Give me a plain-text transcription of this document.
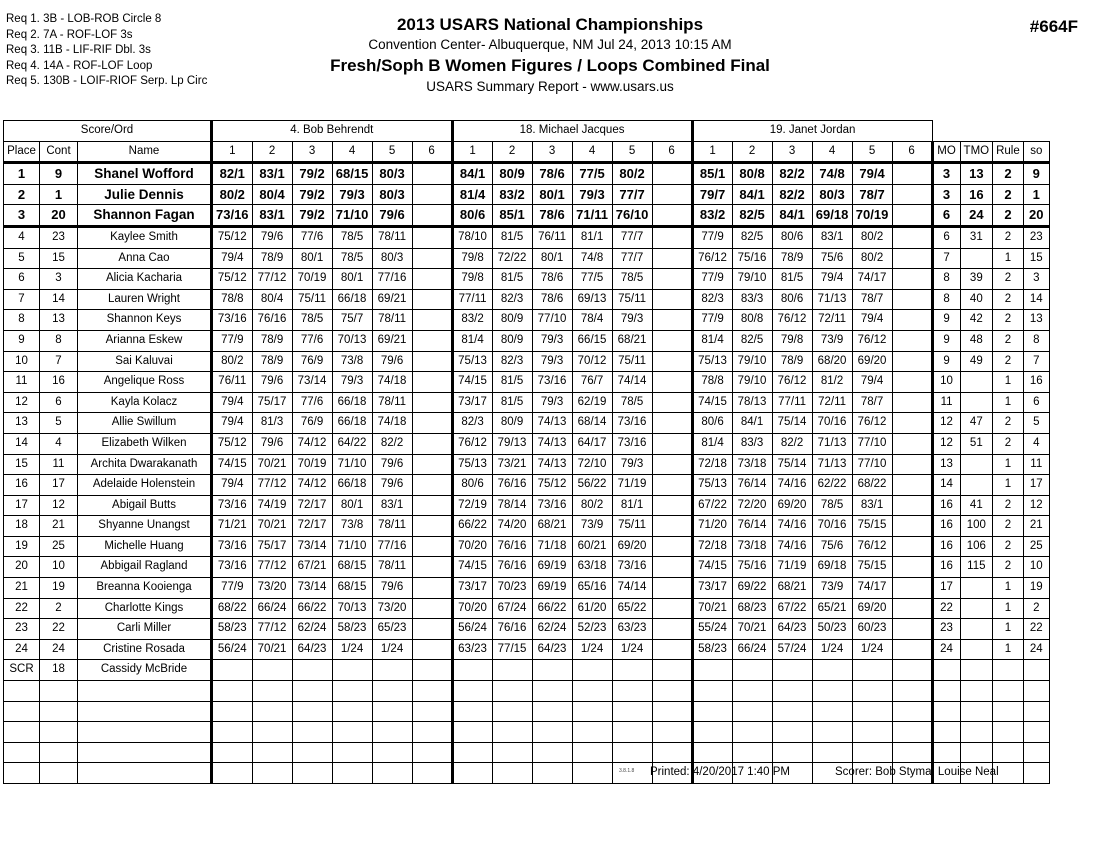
Req 1. 3B - LOB-ROB Circle 8
Req 2. 7A - ROF-LOF 3s
Req 3. 11B - LIF-RIF Dbl. 3s
Req 4. 14A - ROF-LOF Loop
Req 5. 130B - LOIF-RIOF Serp. Lp Circ
2013 USARS National Championships
Convention Center- Albuquerque, NM Jul 24, 2013 10:15 AM
Fresh/Soph B Women Figures / Loops Combined Final
USARS Summary Report - www.usars.us
#664F
Score/Ord			4. Bob Behrendt						18. Michael Jacques						19. Janet Jordan									
Place	Cont	Name	1	2	3	4	5	6	1	2	3	4	5	6	1	2	3	4	5	6	MO	TMO	Rule	so
1	9	Shanel Wofford	82/1	83/1	79/2	68/15	80/3		84/1	80/9	78/6	77/5	80/2		85/1	80/8	82/2	74/8	79/4		3	13	2	9
2	1	Julie Dennis	80/2	80/4	79/2	79/3	80/3		81/4	83/2	80/1	79/3	77/7		79/7	84/1	82/2	80/3	78/7		3	16	2	1
3	20	Shannon Fagan	73/16	83/1	79/2	71/10	79/6		80/6	85/1	78/6	71/11	76/10		83/2	82/5	84/1	69/18	70/19		6	24	2	20
4	23	Kaylee Smith	75/12	79/6	77/6	78/5	78/11		78/10	81/5	76/11	81/1	77/7		77/9	82/5	80/6	83/1	80/2		6	31	2	23
5	15	Anna Cao	79/4	78/9	80/1	78/5	80/3		79/8	72/22	80/1	74/8	77/7		76/12	75/16	78/9	75/6	80/2		7		1	15
6	3	Alicia Kacharia	75/12	77/12	70/19	80/1	77/16		79/8	81/5	78/6	77/5	78/5		77/9	79/10	81/5	79/4	74/17		8	39	2	3
7	14	Lauren Wright	78/8	80/4	75/11	66/18	69/21		77/11	82/3	78/6	69/13	75/11		82/3	83/3	80/6	71/13	78/7		8	40	2	14
8	13	Shannon Keys	73/16	76/16	78/5	75/7	78/11		83/2	80/9	77/10	78/4	79/3		77/9	80/8	76/12	72/11	79/4		9	42	2	13
9	8	Arianna Eskew	77/9	78/9	77/6	70/13	69/21		81/4	80/9	79/3	66/15	68/21		81/4	82/5	79/8	73/9	76/12		9	48	2	8
10	7	Sai Kaluvai	80/2	78/9	76/9	73/8	79/6		75/13	82/3	79/3	70/12	75/11		75/13	79/10	78/9	68/20	69/20		9	49	2	7
11	16	Angelique Ross	76/11	79/6	73/14	79/3	74/18		74/15	81/5	73/16	76/7	74/14		78/8	79/10	76/12	81/2	79/4		10		1	16
12	6	Kayla Kolacz	79/4	75/17	77/6	66/18	78/11		73/17	81/5	79/3	62/19	78/5		74/15	78/13	77/11	72/11	78/7		11		1	6
13	5	Allie Swillum	79/4	81/3	76/9	66/18	74/18		82/3	80/9	74/13	68/14	73/16		80/6	84/1	75/14	70/16	76/12		12	47	2	5
14	4	Elizabeth Wilken	75/12	79/6	74/12	64/22	82/2		76/12	79/13	74/13	64/17	73/16		81/4	83/3	82/2	71/13	77/10		12	51	2	4
15	11	Archita Dwarakanath	74/15	70/21	70/19	71/10	79/6		75/13	73/21	74/13	72/10	79/3		72/18	73/18	75/14	71/13	77/10		13		1	11
16	17	Adelaide Holenstein	79/4	77/12	74/12	66/18	79/6		80/6	76/16	75/12	56/22	71/19		75/13	76/14	74/16	62/22	68/22		14		1	17
17	12	Abigail Butts	73/16	74/19	72/17	80/1	83/1		72/19	78/14	73/16	80/2	81/1		67/22	72/20	69/20	78/5	83/1		16	41	2	12
18	21	Shyanne Unangst	71/21	70/21	72/17	73/8	78/11		66/22	74/20	68/21	73/9	75/11		71/20	76/14	74/16	70/16	75/15		16	100	2	21
19	25	Michelle Huang	73/16	75/17	73/14	71/10	77/16		70/20	76/16	71/18	60/21	69/20		72/18	73/18	74/16	75/6	76/12		16	106	2	25
20	10	Abbigail Ragland	73/16	77/12	67/21	68/15	78/11		74/15	76/16	69/19	63/18	73/16		74/15	75/16	71/19	69/18	75/15		16	115	2	10
21	19	Breanna Kooienga	77/9	73/20	73/14	68/15	79/6		73/17	70/23	69/19	65/16	74/14		73/17	69/22	68/21	73/9	74/17		17		1	19
22	2	Charlotte Kings	68/22	66/24	66/22	70/13	73/20		70/20	67/24	66/22	61/20	65/22		70/21	68/23	67/22	65/21	69/20		22		1	2
23	22	Carli Miller	58/23	77/12	62/24	58/23	65/23		56/24	76/16	62/24	52/23	63/23		55/24	70/21	64/23	50/23	60/23		23		1	22
24	24	Cristine Rosada	56/24	70/21	64/23	1/24	1/24		63/23	77/15	64/23	1/24	1/24		58/23	66/24	57/24	1/24	1/24		24		1	24
SCR	18	Cassidy McBride																						

3.8.1.8 Printed: 4/20/2017 1:40 PM	Scorer: Bob Styma, Louise Neal
